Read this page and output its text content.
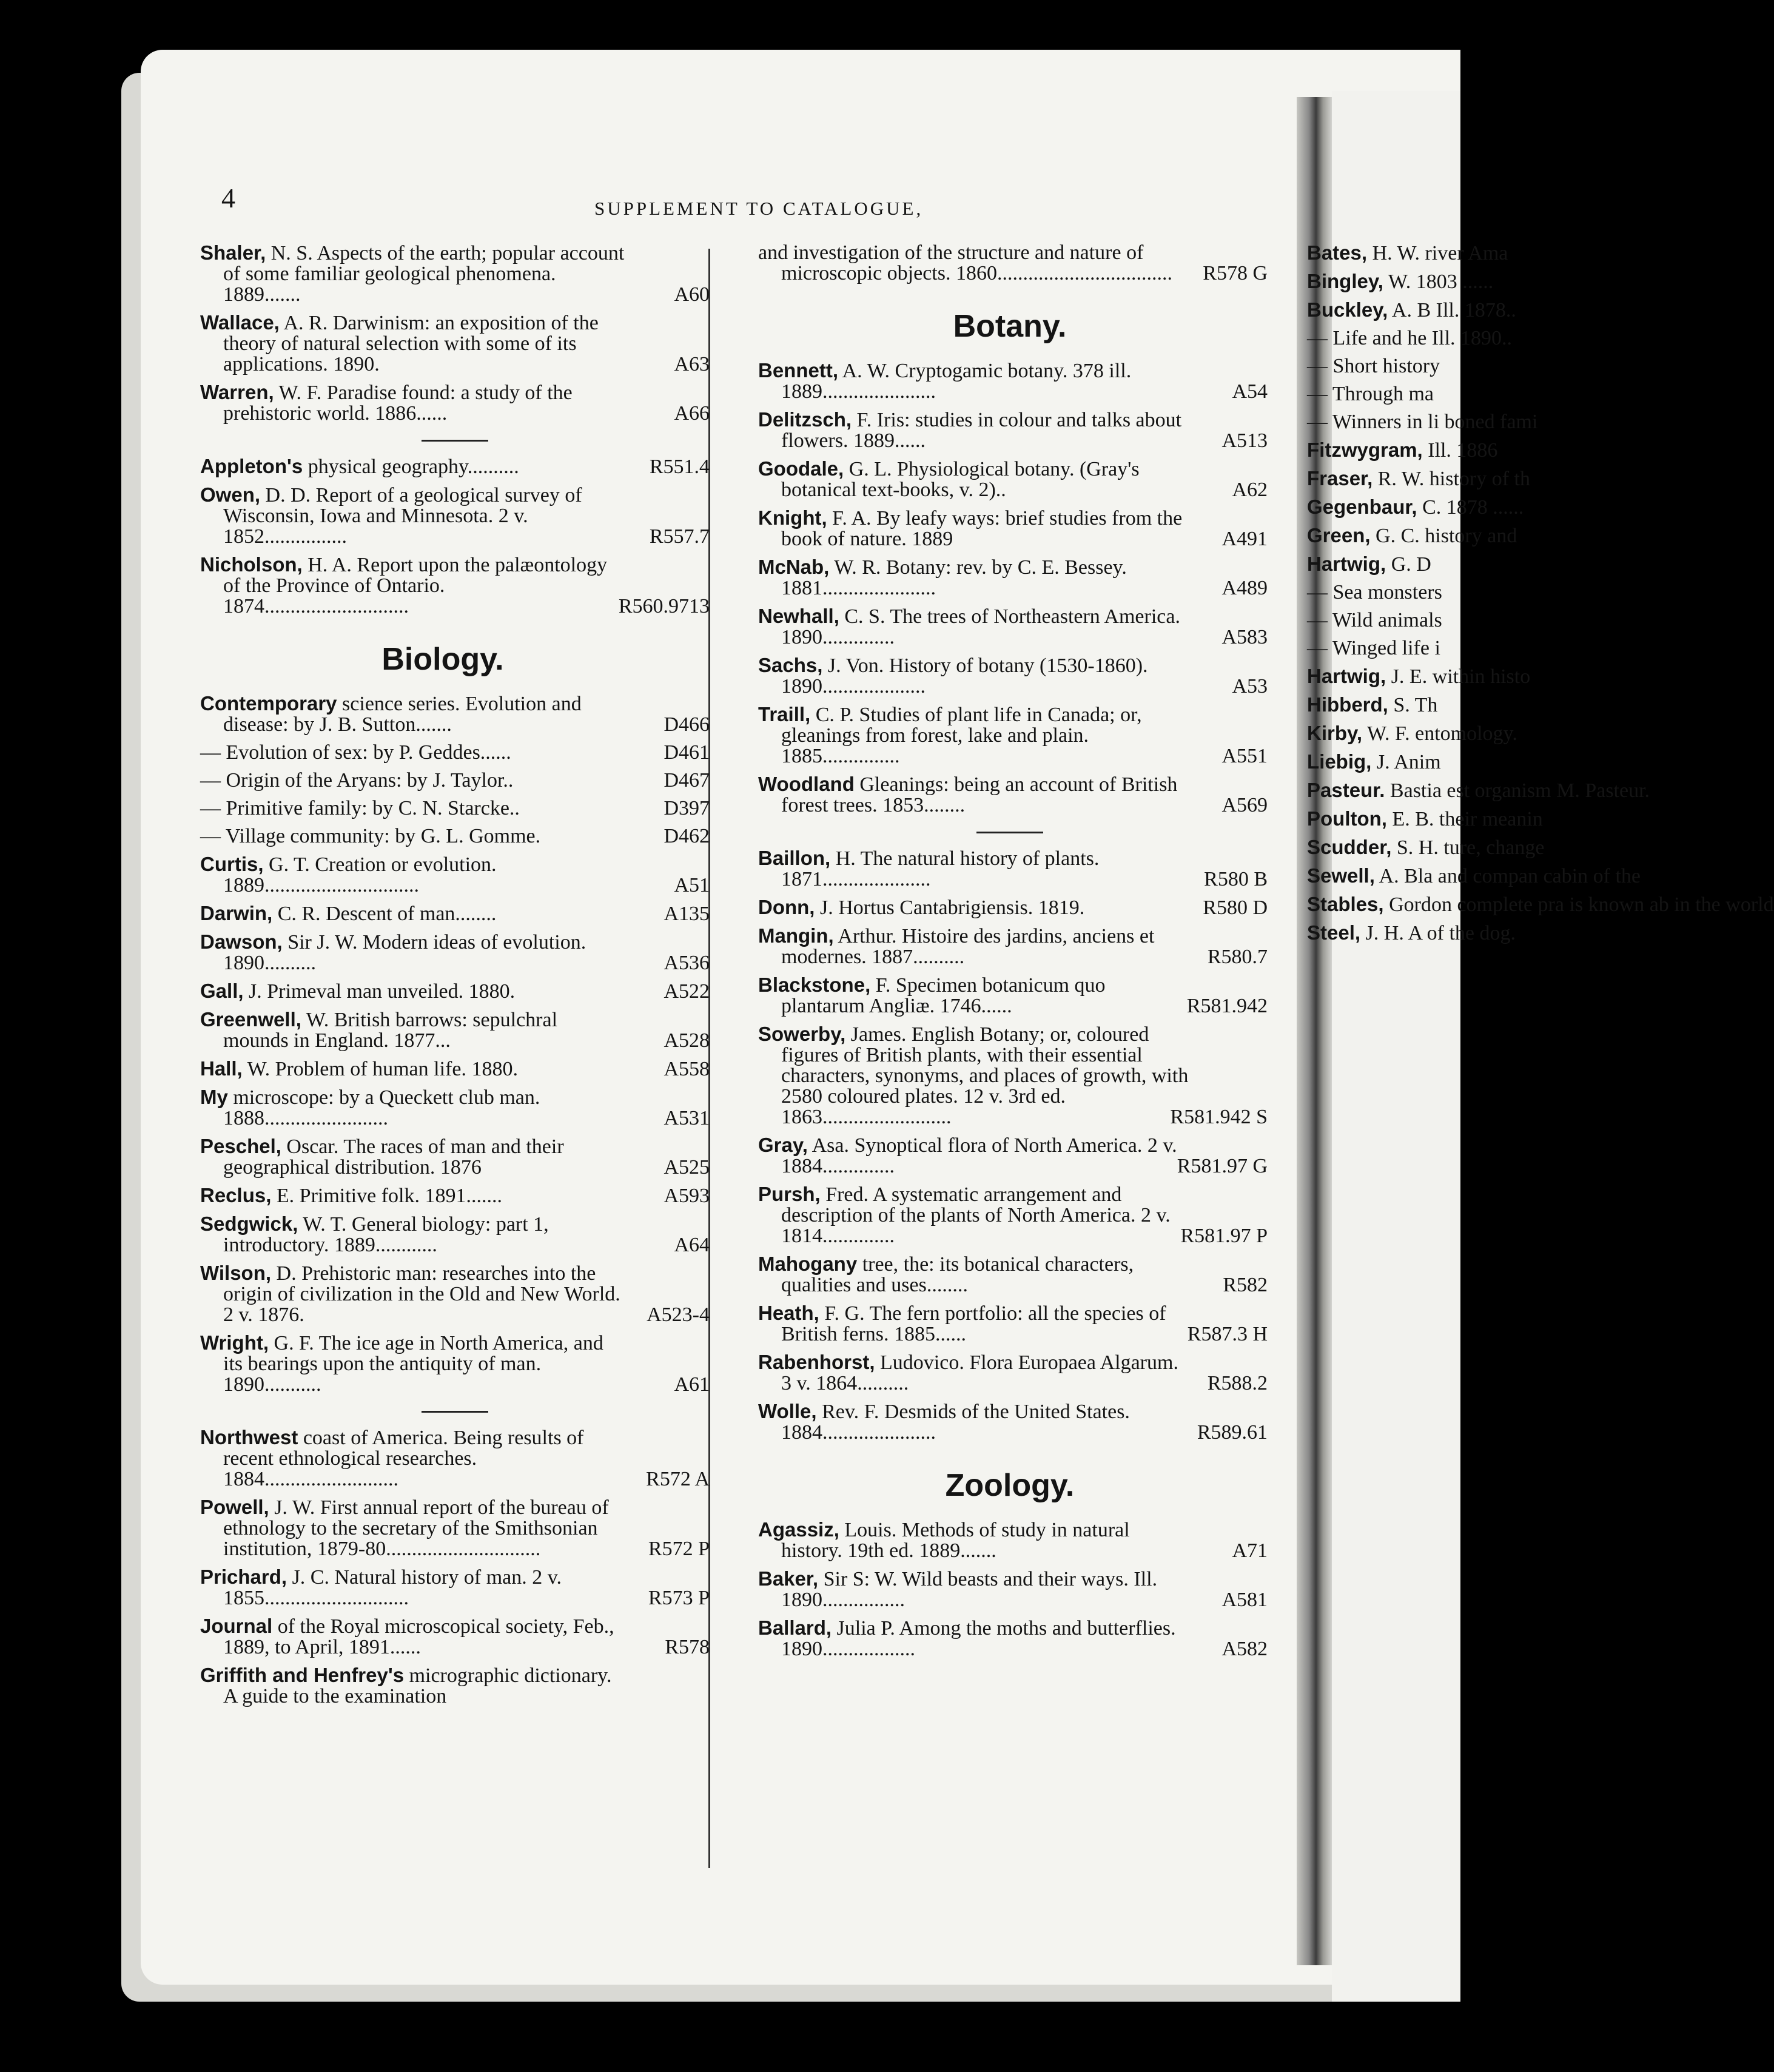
4	SUPPLEMENT TO CATALOGUE,
Shaler, N. S. Aspects of the earth; popular account of some familiar geological phenomena. 1889.......	A60
Wallace, A. R. Darwinism: an exposition of the theory of natural selection with some of its applications. 1890.	A63
Warren, W. F. Paradise found: a study of the prehistoric world. 1886......	A66
Appleton's physical geography..........	R551.4
Owen, D. D. Report of a geological survey of Wisconsin, Iowa and Minnesota. 2 v. 1852................	R557.7
Nicholson, H. A. Report upon the palæontology of the Province of Ontario. 1874............................	R560.9713
Biology.
Contemporary science series. Evolution and disease: by J. B. Sutton.......	D466
— Evolution of sex: by P. Geddes......	D461
— Origin of the Aryans: by J. Taylor..	D467
— Primitive family: by C. N. Starcke..	D397
— Village community: by G. L. Gomme.	D462
Curtis, G. T. Creation or evolution. 1889..............................	A51
Darwin, C. R. Descent of man........	A135
Dawson, Sir J. W. Modern ideas of evolution. 1890..........	A536
Gall, J. Primeval man unveiled. 1880.	A522
Greenwell, W. British barrows: sepulchral mounds in England. 1877...	A528
Hall, W. Problem of human life. 1880.	A558
My microscope: by a Queckett club man. 1888........................	A531
Peschel, Oscar. The races of man and their geographical distribution. 1876	A525
Reclus, E. Primitive folk. 1891.......	A593
Sedgwick, W. T. General biology: part 1, introductory. 1889............	A64
Wilson, D. Prehistoric man: researches into the origin of civilization in the Old and New World. 2 v. 1876.	A523-4
Wright, G. F. The ice age in North America, and its bearings upon the antiquity of man. 1890...........	A61
Northwest coast of America. Being results of recent ethnological researches. 1884..........................	R572 A
Powell, J. W. First annual report of the bureau of ethnology to the secretary of the Smithsonian institution, 1879-80..............................	R572 P
Prichard, J. C. Natural history of man. 2 v. 1855............................	R573 P
Journal of the Royal microscopical society, Feb., 1889, to April, 1891......	R578
Griffith and Henfrey's micrographic dictionary. A guide to the examination
and investigation of the structure and nature of microscopic objects. 1860.................................. R578 G
Botany.
Bennett, A. W. Cryptogamic botany. 378 ill. 1889......................	A54
Delitzsch, F. Iris: studies in colour and talks about flowers. 1889......	A513
Goodale, G. L. Physiological botany. (Gray's botanical text-books, v. 2)..	A62
Knight, F. A. By leafy ways: brief studies from the book of nature. 1889	A491
McNab, W. R. Botany: rev. by C. E. Bessey. 1881......................	A489
Newhall, C. S. The trees of Northeastern America. 1890..............	A583
Sachs, J. Von. History of botany (1530-1860). 1890....................	A53
Traill, C. P. Studies of plant life in Canada; or, gleanings from forest, lake and plain. 1885...............	A551
Woodland Gleanings: being an account of British forest trees. 1853........	A569
Baillon, H. The natural history of plants. 1871.....................	R580 B
Donn, J. Hortus Cantabrigiensis. 1819.	R580 D
Mangin, Arthur. Histoire des jardins, anciens et modernes. 1887..........	R580.7
Blackstone, F. Specimen botanicum quo plantarum Angliæ. 1746......	R581.942
Sowerby, James. English Botany; or, coloured figures of British plants, with their essential characters, synonyms, and places of growth, with 2580 coloured plates. 12 v. 3rd ed. 1863.........................	R581.942 S
Gray, Asa. Synoptical flora of North America. 2 v. 1884..............	R581.97 G
Pursh, Fred. A systematic arrangement and description of the plants of North America. 2 v. 1814..............	R581.97 P
Mahogany tree, the: its botanical characters, qualities and uses........	R582
Heath, F. G. The fern portfolio: all the species of British ferns. 1885......	R587.3 H
Rabenhorst, Ludovico. Flora Europaea Algarum. 3 v. 1864..........	R588.2
Wolle, Rev. F. Desmids of the United States. 1884......................	R589.61
Zoology.
Agassiz, Louis. Methods of study in natural history. 19th ed. 1889.......	A71
Baker, Sir S: W. Wild beasts and their ways. Ill. 1890................	A581
Ballard, Julia P. Among the moths and butterflies. 1890..................	A582
Bates, H. W. river Ama
Bingley, W. 1803 ......
Buckley, A. B Ill. 1878..
— Life and he Ill. 1890..
— Short history
— Through ma
— Winners in li boned fami
Fitzwygram, Ill. 1886
Fraser, R. W. history of th
Gegenbaur, C. 1878 ......
Green, G. C. history and
Hartwig, G. D
— Sea monsters
— Wild animals
— Winged life i
Hartwig, J. E. within histo
Hibberd, S. Th
Kirby, W. F. entomology.
Liebig, J. Anim
Pasteur. Bastia est organism M. Pasteur.
Poulton, E. B. their meanin
Scudder, S. H. ture, change
Sewell, A. Bla and compan cabin of the
Stables, Gordon complete pra is known ab in the world
Steel, J. H. A of the dog.
